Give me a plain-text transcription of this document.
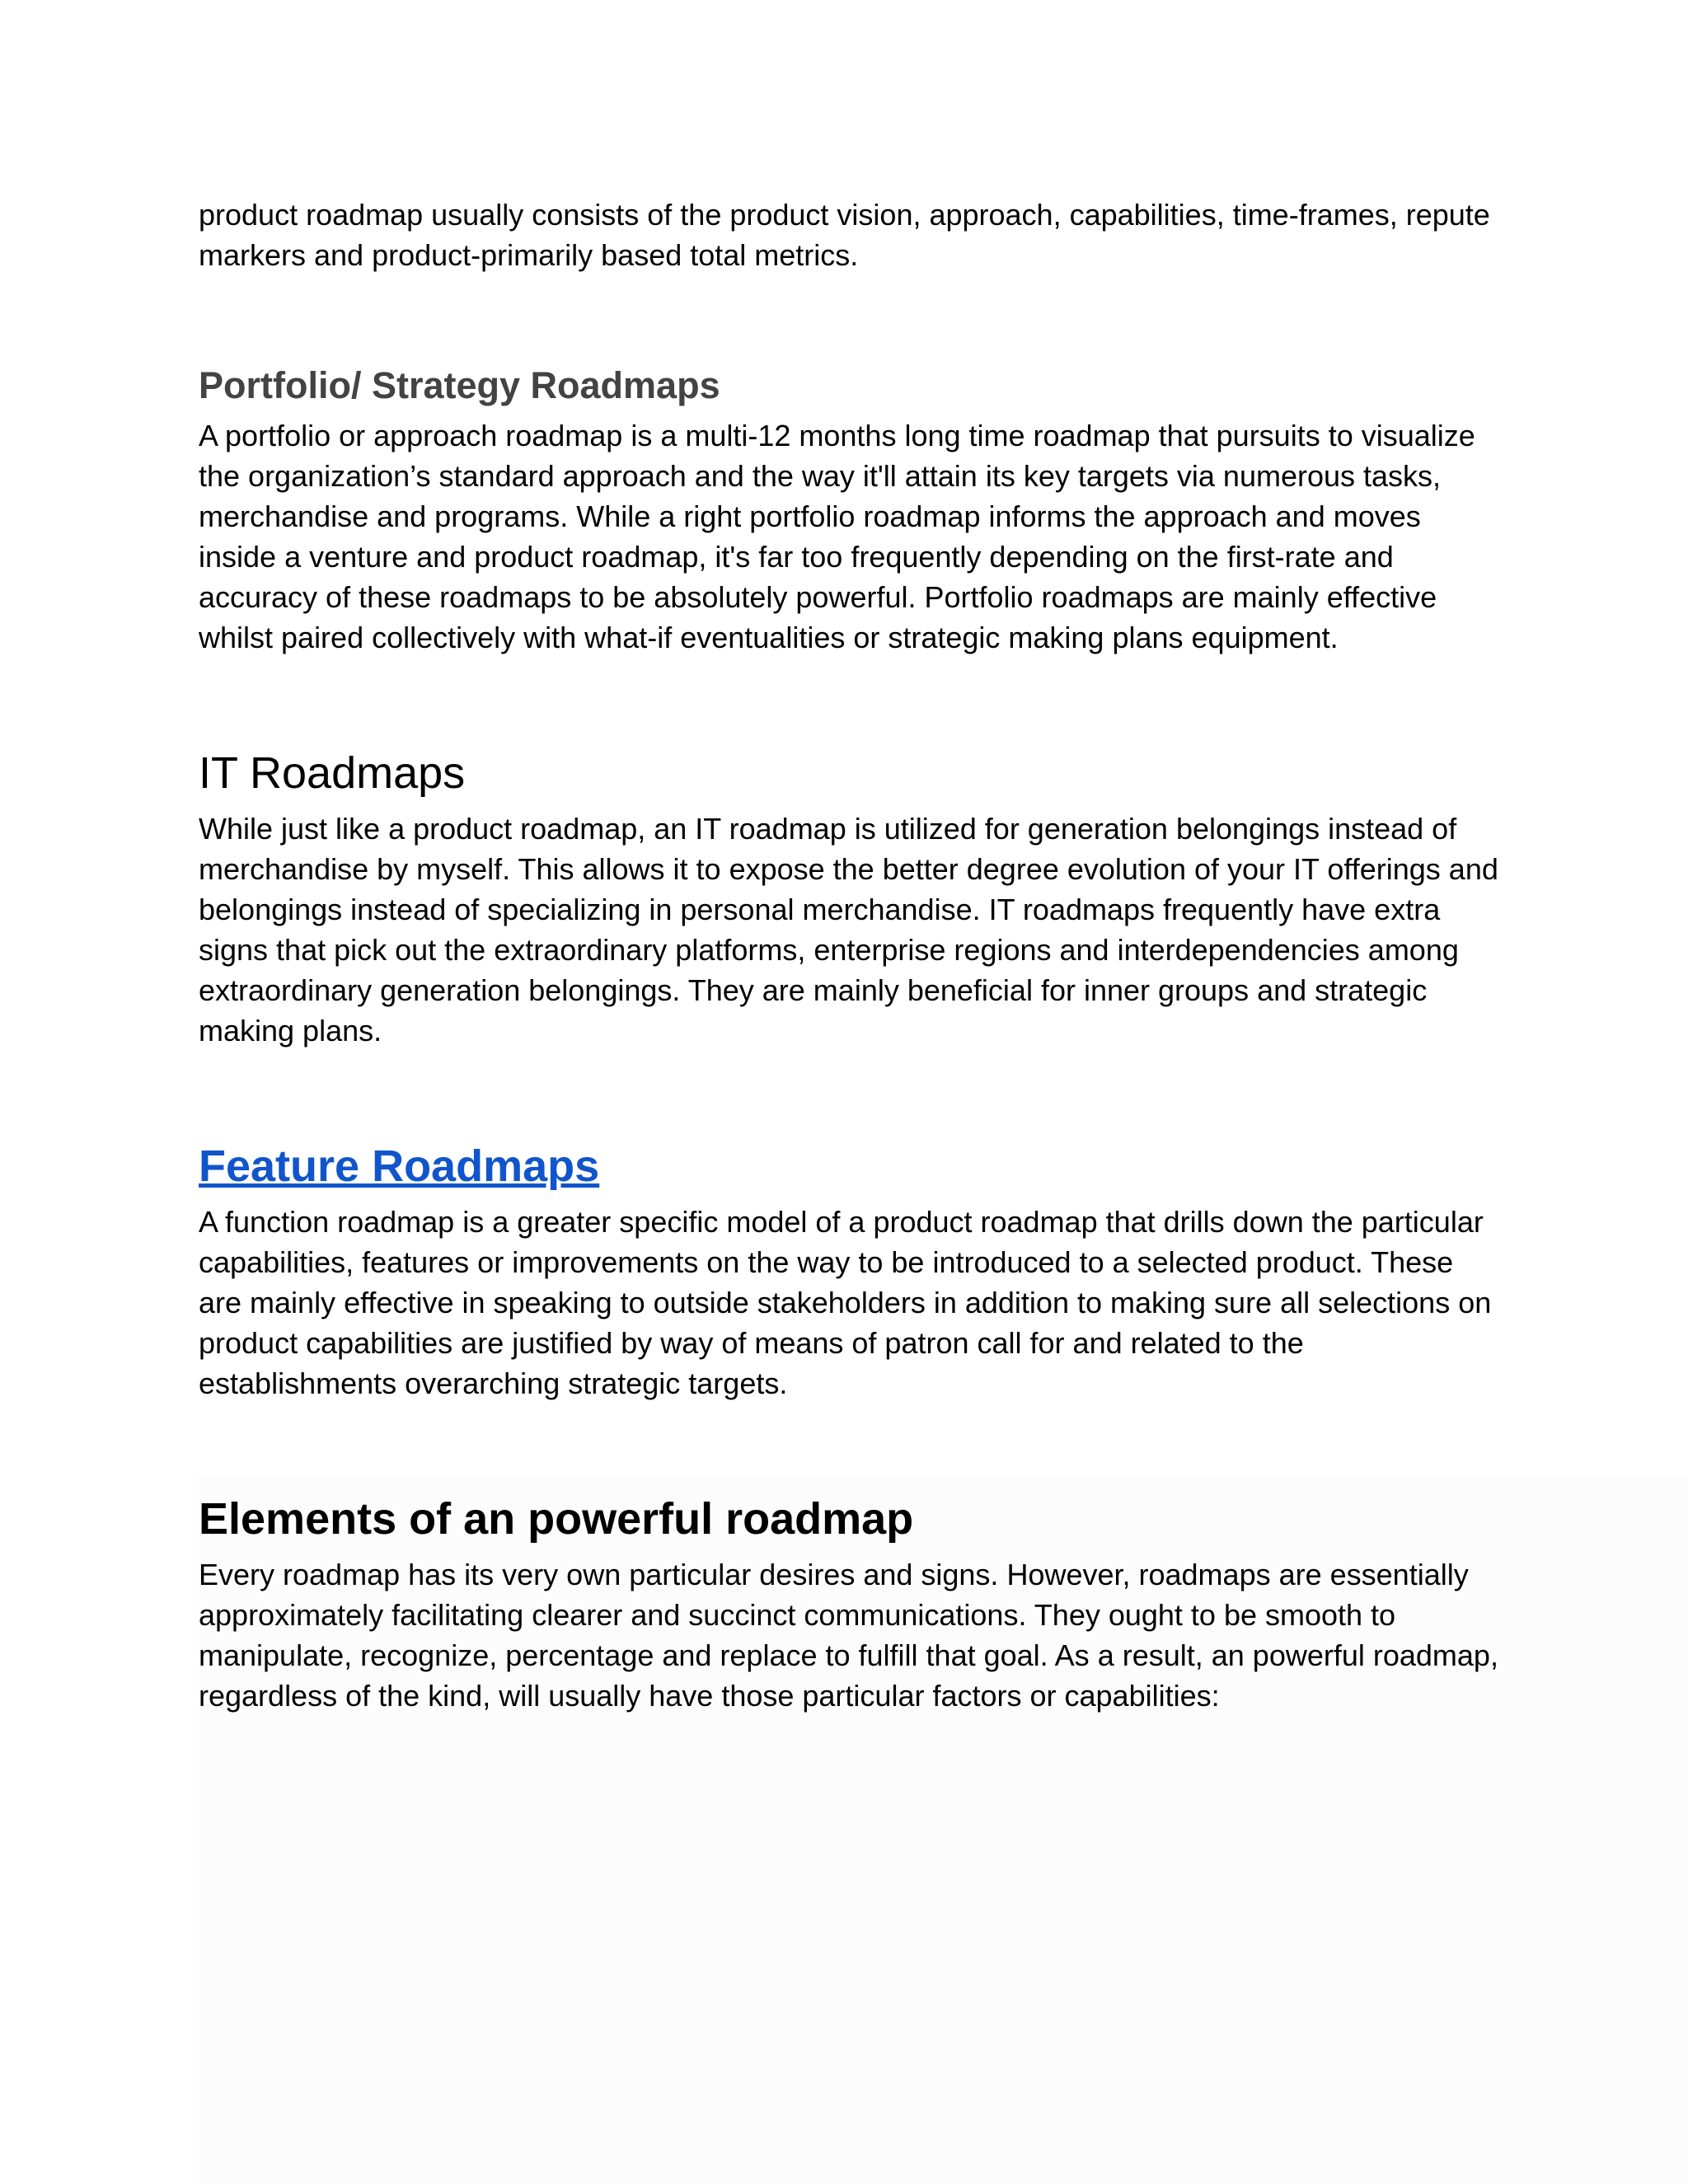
product roadmap usually consists of the product vision, approach, capabilities, time-frames, repute markers and product-primarily based total metrics.

Portfolio/ Strategy Roadmaps

A portfolio or approach roadmap is a multi-12 months long time roadmap that pursuits to visualize the organization’s standard approach and the way it'll attain its key targets via numerous tasks, merchandise and programs. While a right portfolio roadmap informs the approach and moves inside a venture and product roadmap, it's far too frequently depending on the first-rate and accuracy of these roadmaps to be absolutely powerful. Portfolio roadmaps are mainly effective whilst paired collectively with what-if eventualities or strategic making plans equipment.

IT Roadmaps

While just like a product roadmap, an IT roadmap is utilized for generation belongings instead of merchandise by myself. This allows it to expose the better degree evolution of your IT offerings and belongings instead of specializing in personal merchandise. IT roadmaps frequently have extra signs that pick out the extraordinary platforms, enterprise regions and interdependencies among extraordinary generation belongings. They are mainly beneficial for inner groups and strategic making plans.

Feature Roadmaps

A function roadmap is a greater specific model of a product roadmap that drills down the particular capabilities, features or improvements on the way to be introduced to a selected product. These are mainly effective in speaking to outside stakeholders in addition to making sure all selections on product capabilities are justified by way of means of patron call for and related to the establishments overarching strategic targets.

Elements of an powerful roadmap

Every roadmap has its very own particular desires and signs. However, roadmaps are essentially approximately facilitating clearer and succinct communications. They ought to be smooth to manipulate, recognize, percentage and replace to fulfill that goal. As a result, an powerful roadmap, regardless of the kind, will usually have those particular factors or capabilities:
